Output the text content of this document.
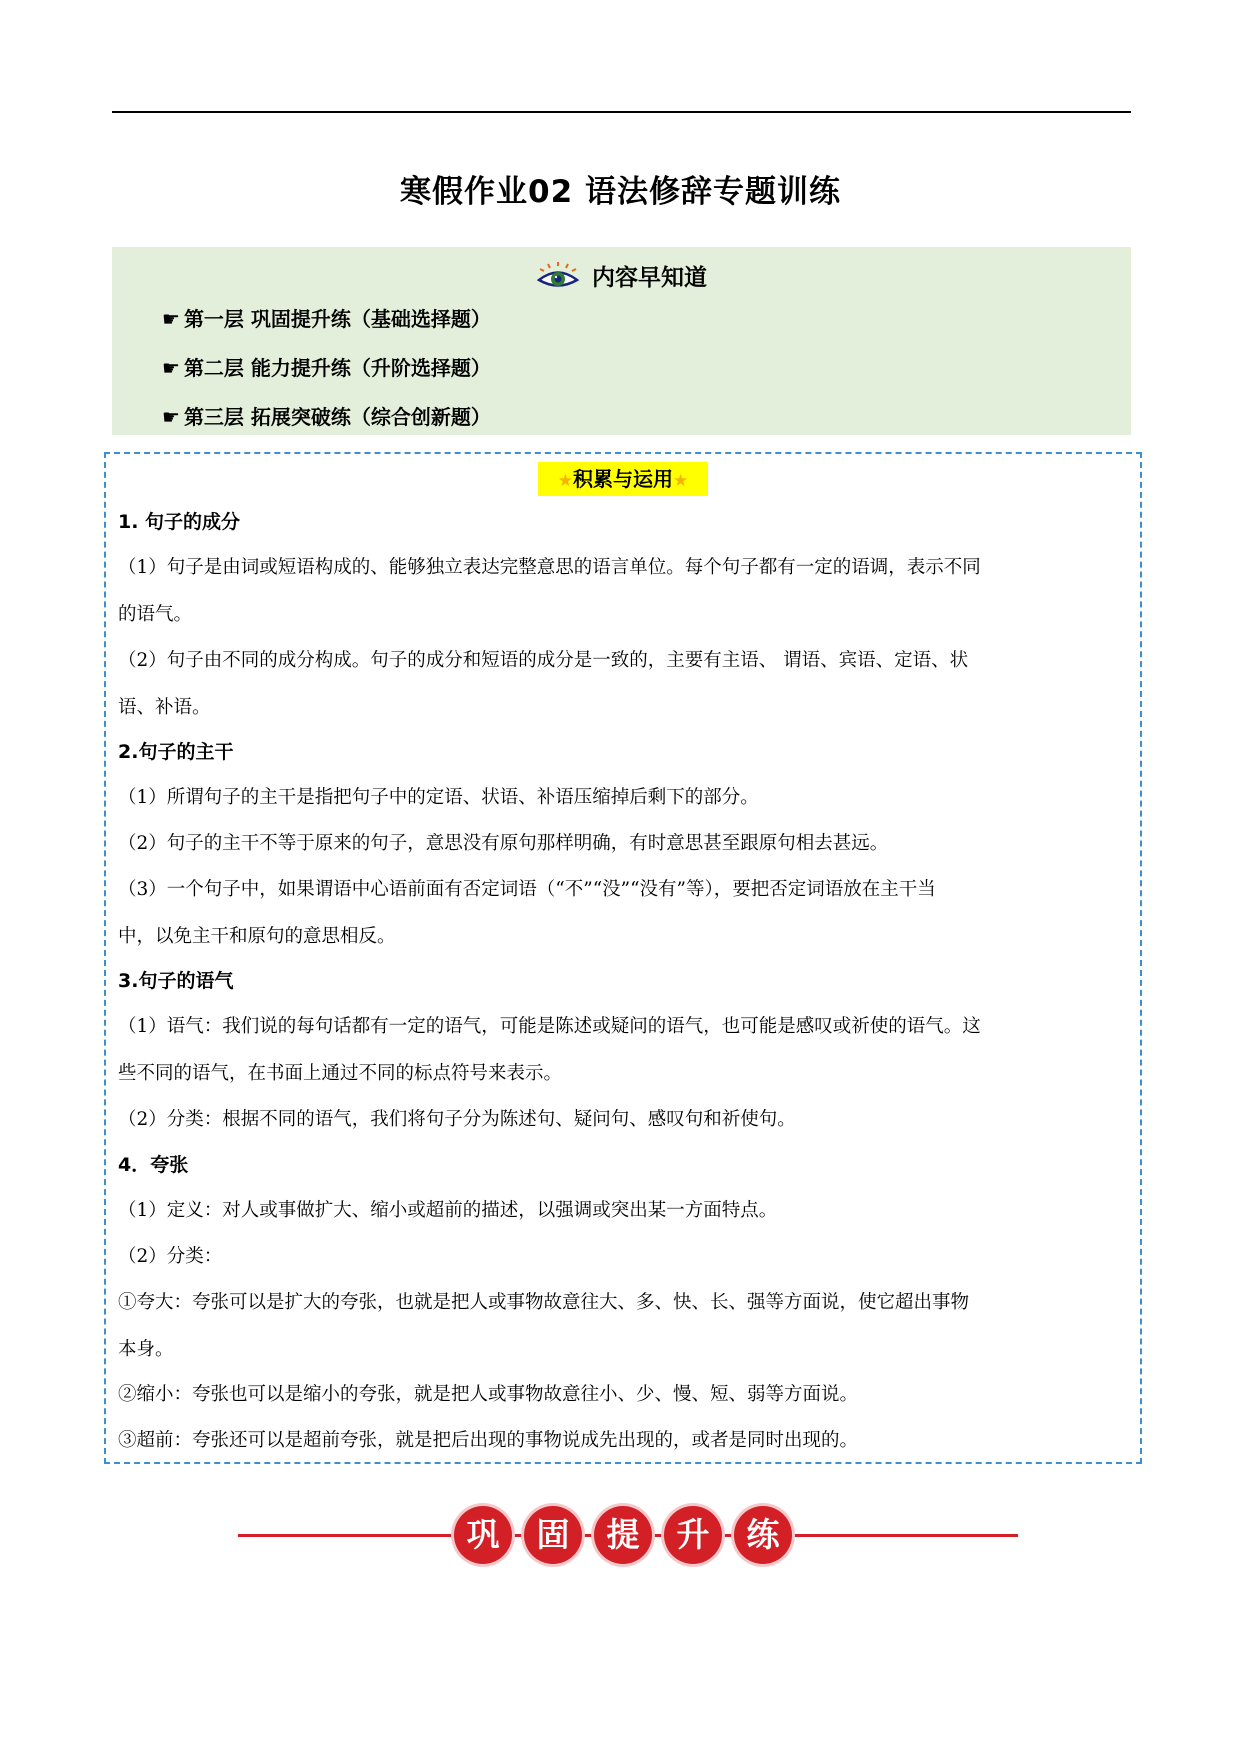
寒假作业02 语法修辞专题训练
内容早知道
☛ 第一层 巩固提升练（基础选择题）
☛ 第二层 能力提升练（升阶选择题）
☛ 第三层 拓展突破练（综合创新题）
★积累与运用★
1. 句子的成分
（1）句子是由词或短语构成的、能够独立表达完整意思的语言单位。每个句子都有一定的语调，表示不同
的语气。
（2）句子由不同的成分构成。句子的成分和短语的成分是一致的，主要有主语、 谓语、宾语、定语、状
语、补语。
2.句子的主干
（1）所谓句子的主干是指把句子中的定语、状语、补语压缩掉后剩下的部分。
（2）句子的主干不等于原来的句子，意思没有原句那样明确，有时意思甚至跟原句相去甚远。
（3）一个句子中，如果谓语中心语前面有否定词语（“不”“没”“没有”等），要把否定词语放在主干当
中，以免主干和原句的意思相反。
3.句子的语气
（1）语气：我们说的每句话都有一定的语气，可能是陈述或疑问的语气，也可能是感叹或祈使的语气。这
些不同的语气，在书面上通过不同的标点符号来表示。
（2）分类：根据不同的语气，我们将句子分为陈述句、疑问句、感叹句和祈使句。
4．夸张
（1）定义：对人或事做扩大、缩小或超前的描述，以强调或突出某一方面特点。
（2）分类：
①夸大：夸张可以是扩大的夸张，也就是把人或事物故意往大、多、快、长、强等方面说，使它超出事物
本身。
②缩小：夸张也可以是缩小的夸张，就是把人或事物故意往小、少、慢、短、弱等方面说。
③超前：夸张还可以是超前夸张，就是把后出现的事物说成先出现的，或者是同时出现的。
巩	固	提	升	练
